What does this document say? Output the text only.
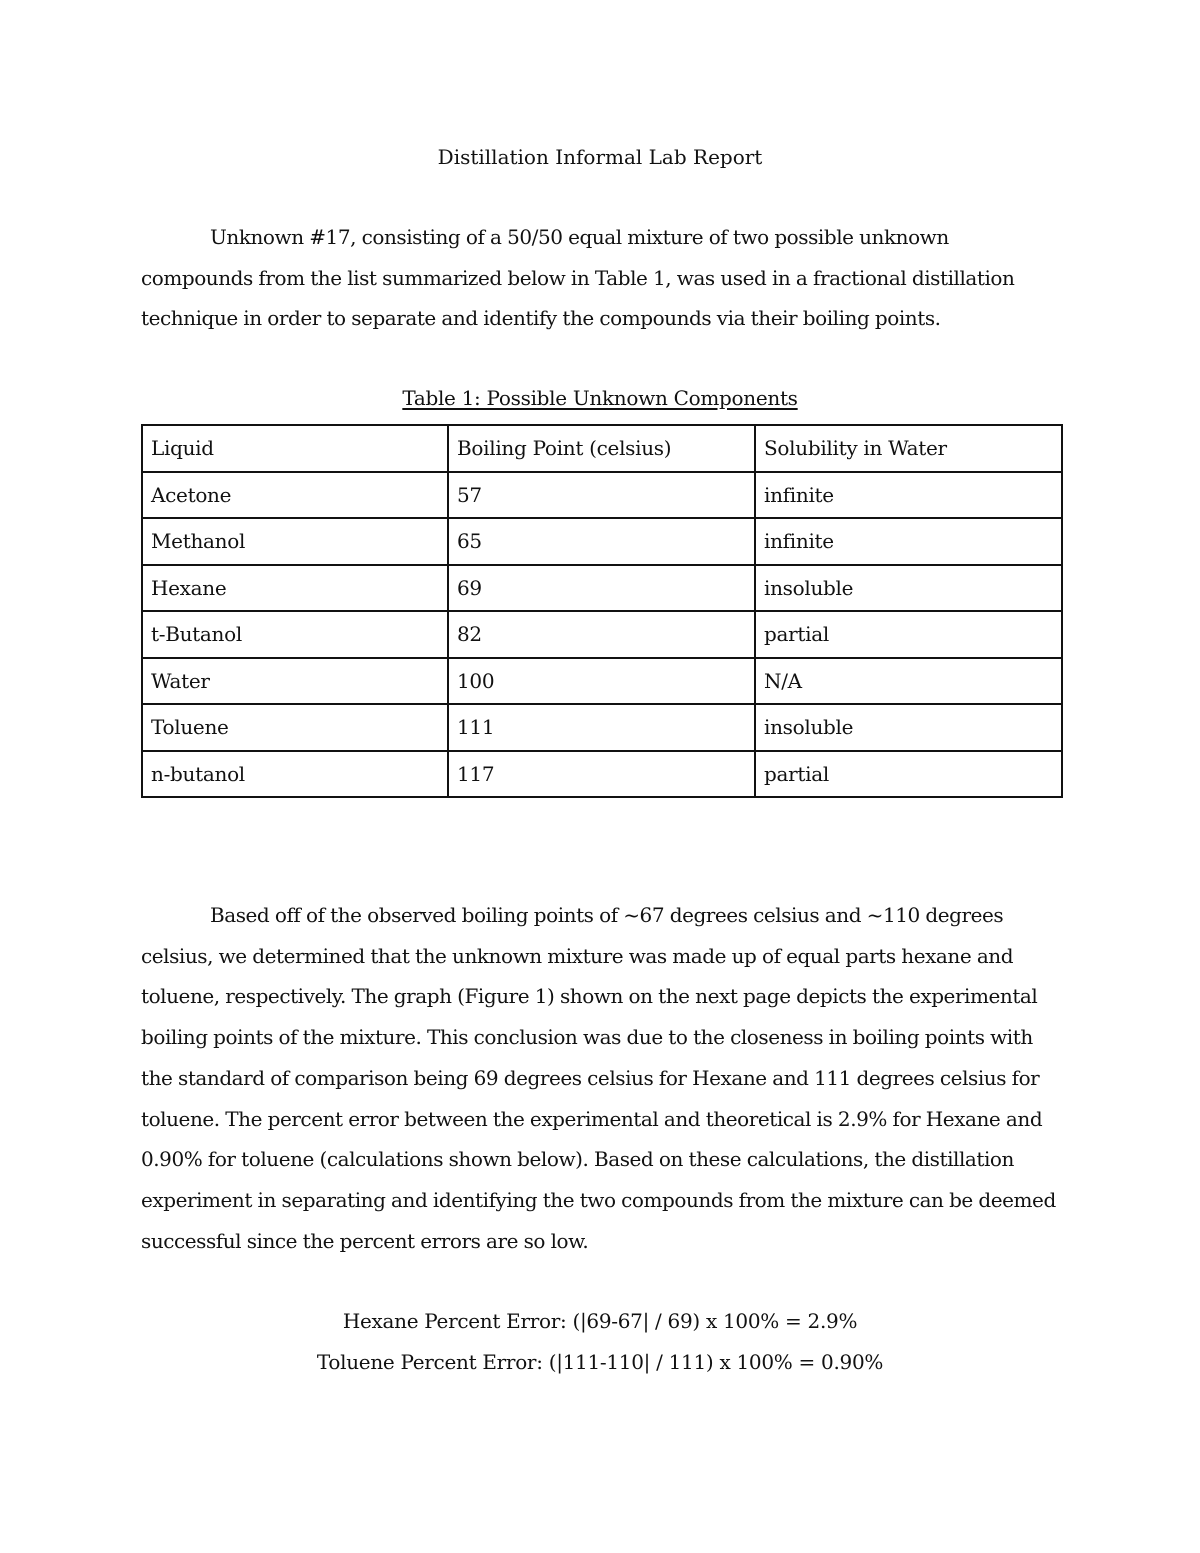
Distillation Informal Lab Report

Unknown #17, consisting of a 50/50 equal mixture of two possible unknown compounds from the list summarized below in Table 1, was used in a fractional distillation technique in order to separate and identify the compounds via their boiling points.

Table 1: Possible Unknown Components

Liquid	Boiling Point (celsius)	Solubility in Water
Acetone	57	infinite
Methanol	65	infinite
Hexane	69	insoluble
t-Butanol	82	partial
Water	100	N/A
Toluene	111	insoluble
n-butanol	117	partial

Based off of the observed boiling points of ~67 degrees celsius and ~110 degrees celsius, we determined that the unknown mixture was made up of equal parts hexane and toluene, respectively. The graph (Figure 1) shown on the next page depicts the experimental boiling points of the mixture. This conclusion was due to the closeness in boiling points with the standard of comparison being 69 degrees celsius for Hexane and 111 degrees celsius for toluene. The percent error between the experimental and theoretical is 2.9% for Hexane and 0.90% for toluene (calculations shown below). Based on these calculations, the distillation experiment in separating and identifying the two compounds from the mixture can be deemed successful since the percent errors are so low.

Hexane Percent Error: (|69-67| / 69) x 100% = 2.9%

Toluene Percent Error: (|111-110| / 111) x 100% = 0.90%
